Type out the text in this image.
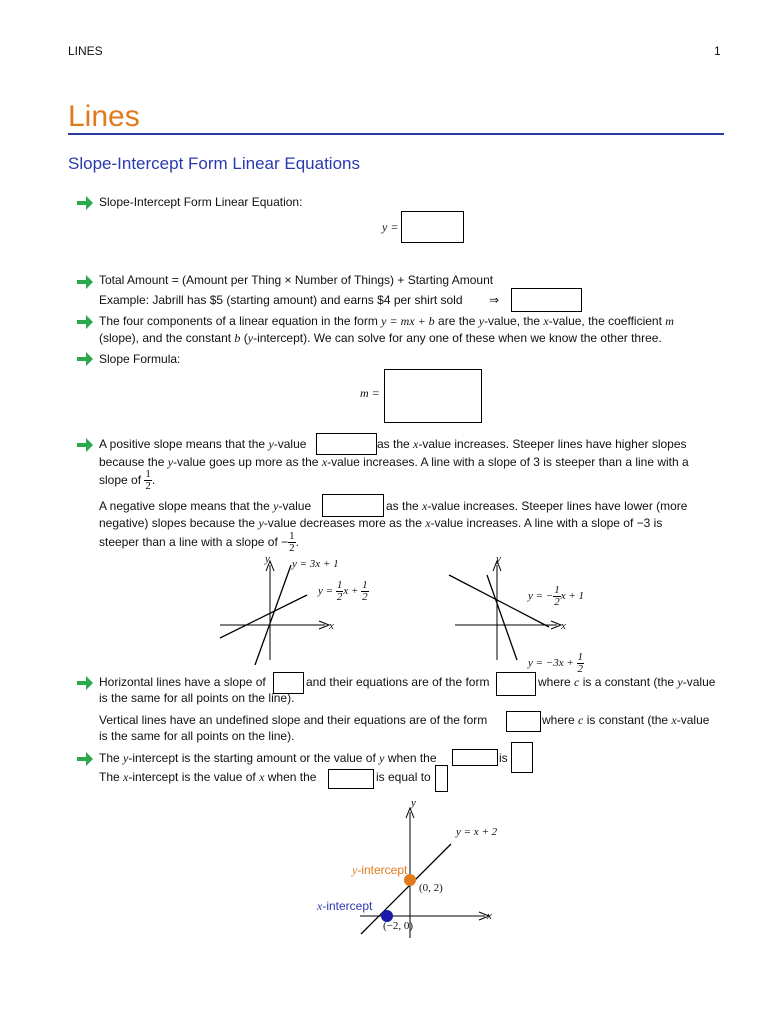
LINES	1
Lines
Slope-Intercept Form Linear Equations
Slope-Intercept Form Linear Equation:
y =
Total Amount = (Amount per Thing × Number of Things) + Starting Amount
Example: Jabrill has $5 (starting amount) and earns $4 per shirt sold ⇒
The four components of a linear equation in the form y = mx + b are the y-value, the x-value, the coefficient m
(slope), and the constant b (y-intercept). We can solve for any one of these when we know the other three.
Slope Formula:
m =
A positive slope means that the y-value	as the x-value increases. Steeper lines have higher slopes
because the y-value goes up more as the x-value increases. A line with a slope of 3 is steeper than a line with a
slope of $\frac{1}{2}$ .
A negative slope means that the y-value	as the x-value increases. Steeper lines have lower (more
negative) slopes because the y-value decreases more as the x-value increases. A line with a slope of −3 is
steeper than a line with a slope of − $\frac{1}{2}$ .
y
x
y = 3x + 1
$y = \frac{1}{2}$ $x + \frac{1}{2}$
y
x
y = − $\frac{1}{2}$ x + 1
$y = -3x + \frac{1}{2}$
Horizontal lines have a slope of	and their equations are of the form	where c is a constant (the y-value
is the same for all points on the line).
Vertical lines have an undefined slope and their equations are of the form	where c is constant (the x-value
is the same for all points on the line).
The y-intercept is the starting amount or the value of y when the	is
The x-intercept is the value of x when the	is equal to
y
x
y = x + 2
y-intercept
x-intercept
(0, 2)
(−2, 0)
